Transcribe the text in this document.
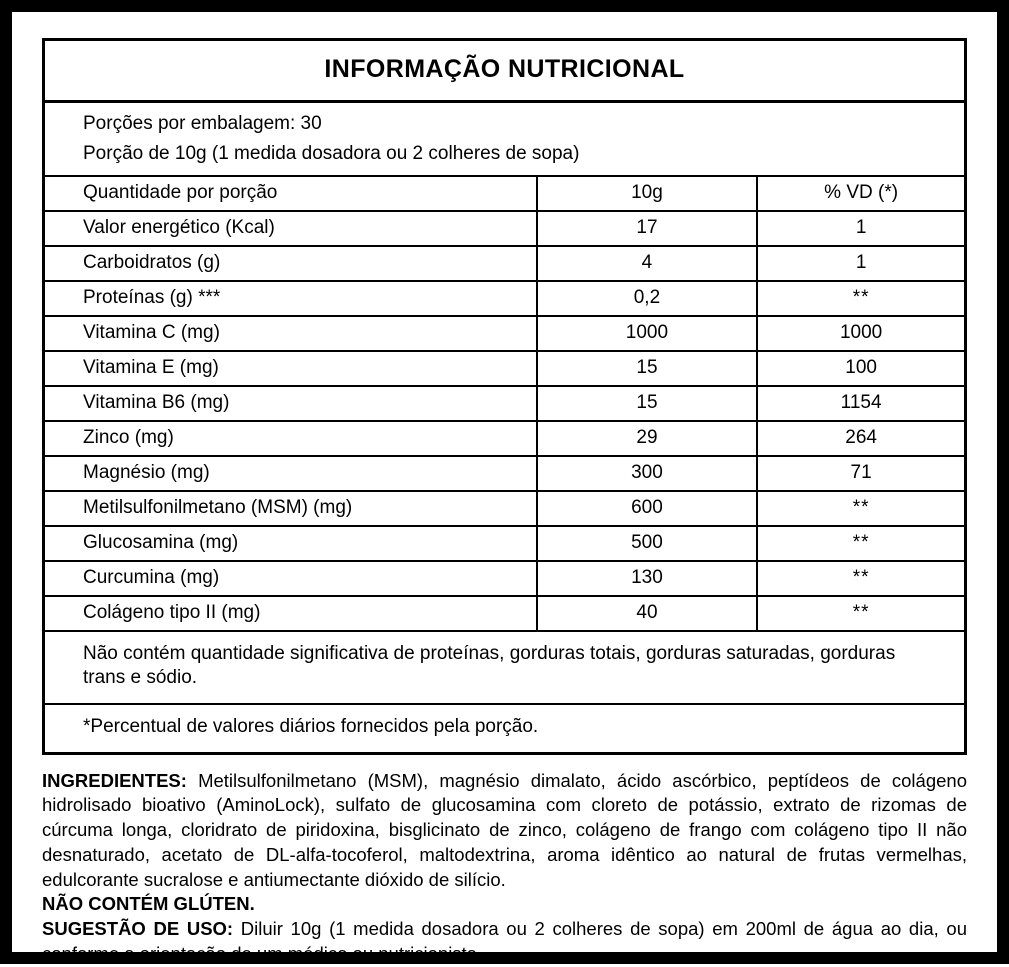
INFORMAÇÃO NUTRICIONAL
Porções por embalagem: 30
Porção de 10g (1 medida dosadora ou 2 colheres de sopa)
Quantidade por porção	10g	% VD (*)
Valor energético (Kcal)	17	1
Carboidratos (g)	4	1
Proteínas (g) ***	0,2	**
Vitamina C (mg)	1000	1000
Vitamina E (mg)	15	100
Vitamina B6 (mg)	15	1154
Zinco (mg)	29	264
Magnésio (mg)	300	71
Metilsulfonilmetano (MSM) (mg)	600	**
Glucosamina (mg)	500	**
Curcumina (mg)	130	**
Colágeno tipo II (mg)	40	**
Não contém quantidade significativa de proteínas, gorduras totais, gorduras saturadas, gorduras trans e sódio.
*Percentual de valores diários fornecidos pela porção.

INGREDIENTES: Metilsulfonilmetano (MSM), magnésio dimalato, ácido ascórbico, peptídeos de colágeno hidrolisado bioativo (AminoLock), sulfato de glucosamina com cloreto de potássio, extrato de rizomas de cúrcuma longa, cloridrato de piridoxina, bisglicinato de zinco, colágeno de frango com colágeno tipo II não desnaturado, acetato de DL-alfa-tocoferol, maltodextrina, aroma idêntico ao natural de frutas vermelhas, edulcorante sucralose e antiumectante dióxido de silício.

NÃO CONTÉM GLÚTEN.

SUGESTÃO DE USO: Diluir 10g (1 medida dosadora ou 2 colheres de sopa) em 200ml de água ao dia, ou conforme a orientação de um médico ou nutricionista.
